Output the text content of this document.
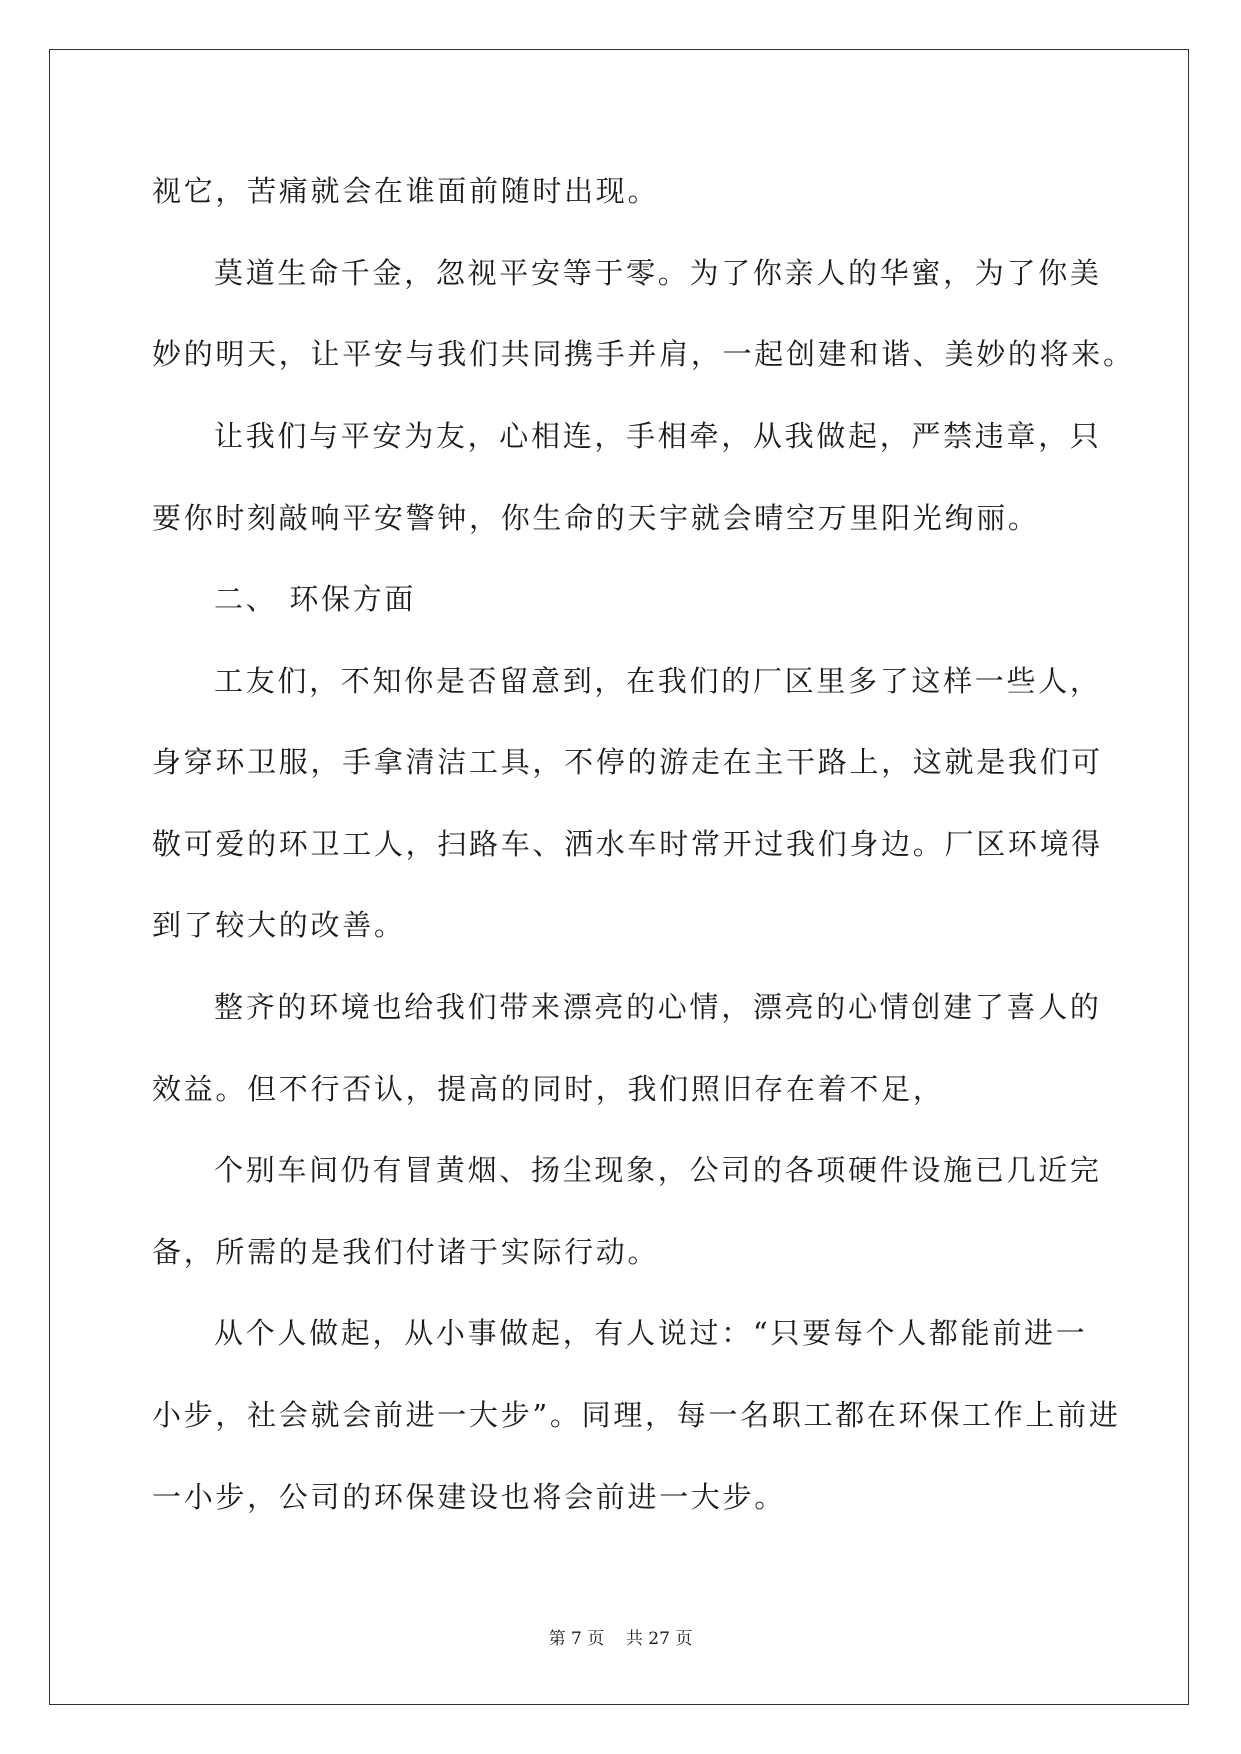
视它，苦痛就会在谁面前随时出现。

莫道生命千金，忽视平安等于零。为了你亲人的华蜜，为了你美

妙的明天，让平安与我们共同携手并肩，一起创建和谐、美妙的将来。

让我们与平安为友，心相连，手相牵，从我做起，严禁违章，只

要你时刻敲响平安警钟，你生命的天宇就会晴空万里阳光绚丽。

二、 环保方面

工友们，不知你是否留意到，在我们的厂区里多了这样一些人，

身穿环卫服，手拿清洁工具，不停的游走在主干路上，这就是我们可

敬可爱的环卫工人，扫路车、洒水车时常开过我们身边。厂区环境得

到了较大的改善。

整齐的环境也给我们带来漂亮的心情，漂亮的心情创建了喜人的

效益。但不行否认，提高的同时，我们照旧存在着不足，

个别车间仍有冒黄烟、扬尘现象，公司的各项硬件设施已几近完

备，所需的是我们付诸于实际行动。

从个人做起，从小事做起，有人说过：“只要每个人都能前进一

小步，社会就会前进一大步”。同理，每一名职工都在环保工作上前进

一小步，公司的环保建设也将会前进一大步。

第 7 页    共 27 页
